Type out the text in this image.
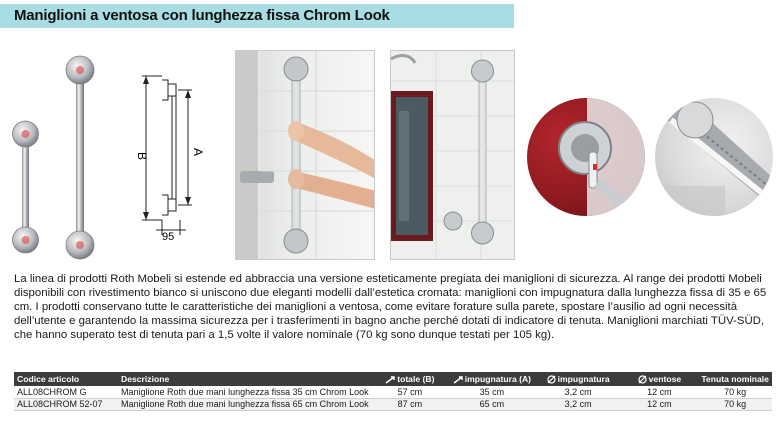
Maniglioni a ventosa con lunghezza fissa Chrom Look
B	A
95

La linea di prodotti Roth Mobeli si estende ed abbraccia una versione esteticamente pregiata dei maniglioni di sicurezza. Al range dei prodotti Mobeli disponibili con rivestimento bianco si uniscono due eleganti modelli dall’estetica cromata: maniglioni con impugnatura dalla lunghezza fissa di 35 e 65 cm. I prodotti conservano tutte le caratteristiche dei maniglioni a ventosa, come evitare forature sulla parete, spostare l’ausilio ad ogni necessità dell’utente e garantendo la massima sicurezza per i trasferimenti in bagno anche perché dotati di indicatore di tenuta. Maniglioni marchiati TÜV-SÜD, che hanno superato test di tenuta pari a 1,5 volte il valore nominale (70 kg sono dunque testati per 105 kg).

Codice articolo	Descrizione	totale (B)	impugnatura (A)	impugnatura	ventose	Tenuta nominale
ALL08CHROM G	Maniglione Roth due mani lunghezza fissa 35 cm Chrom Look	57 cm	35 cm	3,2 cm	12 cm	70 kg
ALL08CHROM 52-07	Maniglione Roth due mani lunghezza fissa 65 cm Chrom Look	87 cm	65 cm	3,2 cm	12 cm	70 kg
